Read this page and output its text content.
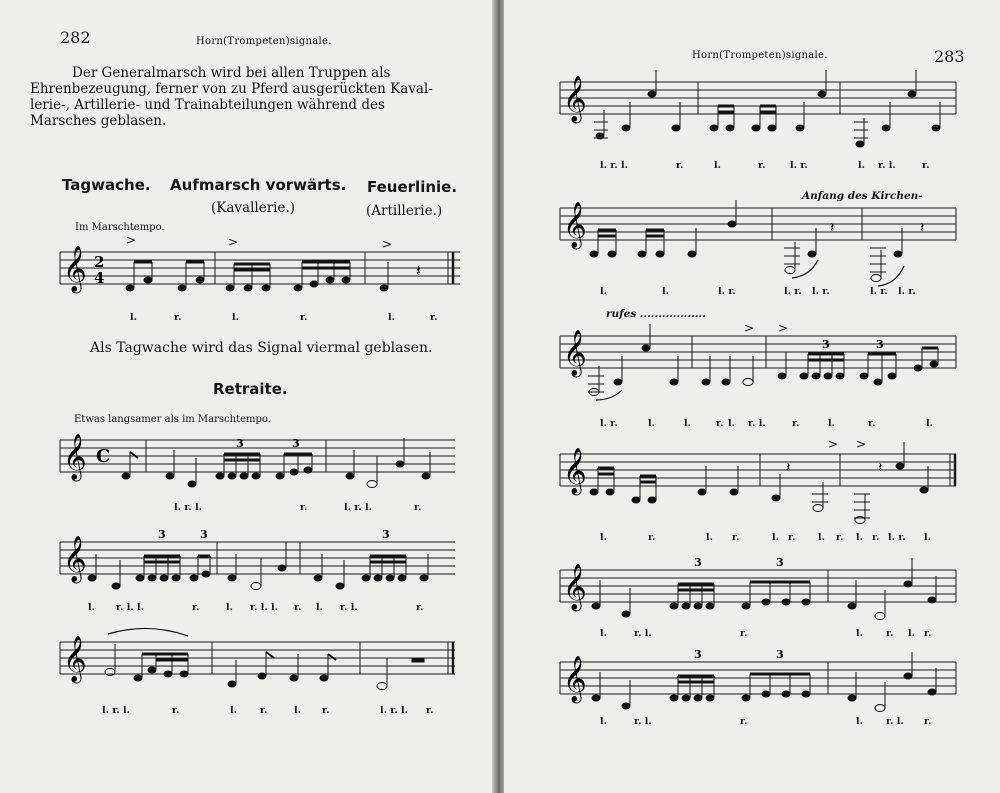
282	Horn(Trompeten)signale.
Der Generalmarsch wird bei allen Truppen als
Ehrenbezeugung, ferner von zu Pferd ausgerückten Kaval-
lerie-, Artillerie- und Trainabteilungen während des
Marsches geblasen.
Tagwache. Aufmarsch vorwärts. Feuerlinie.
(Kavallerie.)	(Artillerie.)
Im Marschtempo.
𝄞 2
4	𝄽
>	>	>
l.	r.	l.	r.	l.	r.
Als Tagwache wird das Signal viermal geblasen.
Retraite.
Etwas langsamer als im Marschtempo.
𝄞 C
3	3
l. r. l.	r.	l. r. l.	r.
𝄞
3	3	3
l. r. l. l.	r.	l. r. l. l. r. l. r. l.	r.
𝄞
l. r. l.	r.	l. r.	l. r.	l. r. l. r.
Horn(Trompeten)signale.	283
𝄞
l. r. l.	r.	l.	r.	l. r.	l. r. l.	r.
Anfang des Kirchen-
𝄞	𝄽	𝄽
l.	l.	l. r.	l. r. l. r.	l. r. l. r.
rufes ..................
𝄞
> >
3	3
l. r.	l.	l.	r. l. r. l.	r.	l.	r.	l.
𝄞	𝄽	𝄽
> >
l.	r.	l. r.	l. r. l. r. l. r. l. r. l.
𝄞
3	3
l.	r. l.	r.	l. r. l. r.
𝄞
3	3
l.	r. l.	r.	l. r. l. r.
